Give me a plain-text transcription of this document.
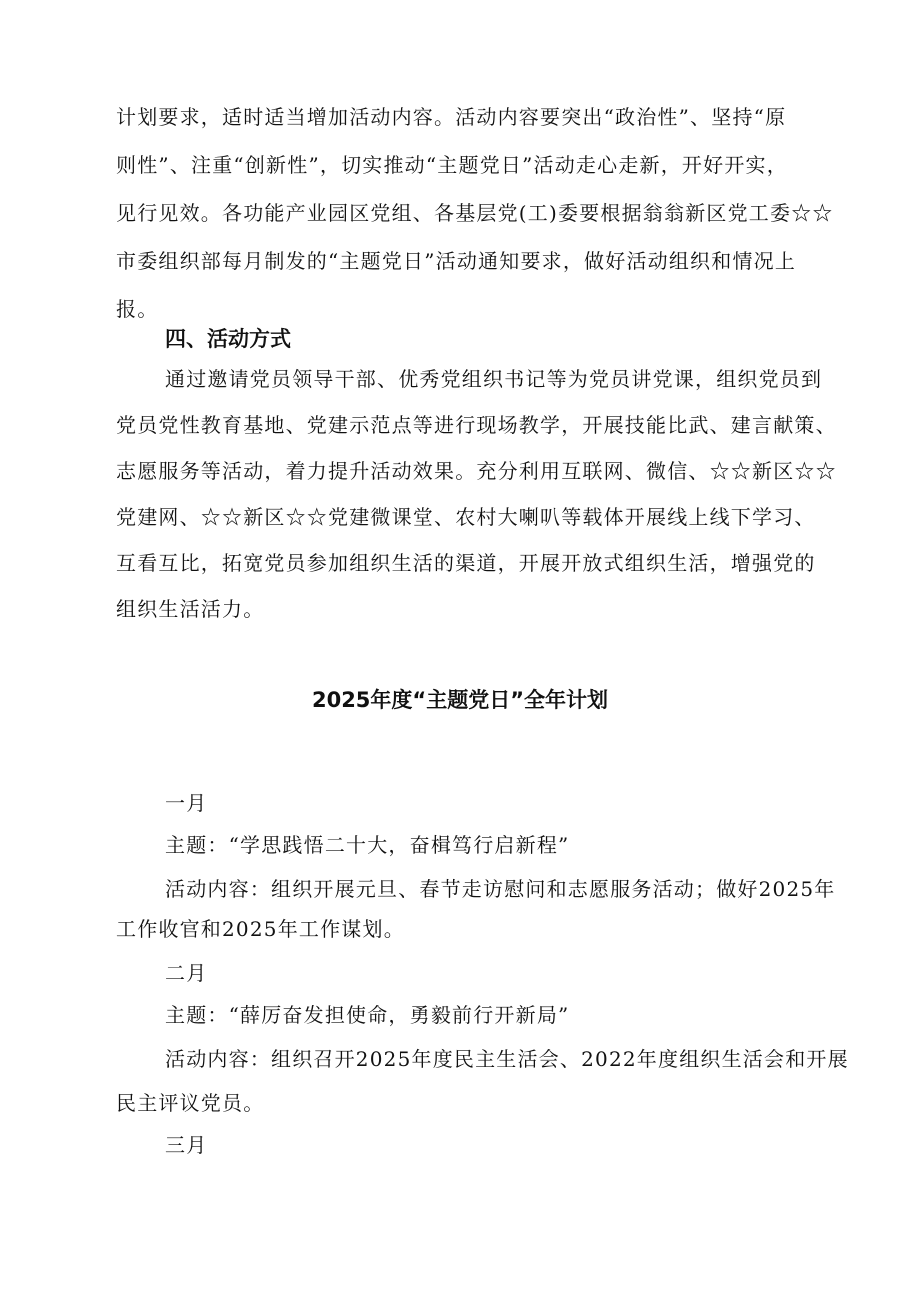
计划要求，适时适当增加活动内容。活动内容要突出“政治性”、坚持“原
则性”、注重“创新性”，切实推动“主题党日”活动走心走新，开好开实，
见行见效。各功能产业园区党组、各基层党(工)委要根据翁翁新区党工委☆☆
市委组织部每月制发的“主题党日”活动通知要求，做好活动组织和情况上
报。
四、活动方式
通过邀请党员领导干部、优秀党组织书记等为党员讲党课，组织党员到
党员党性教育基地、党建示范点等进行现场教学，开展技能比武、建言献策、
志愿服务等活动，着力提升活动效果。充分利用互联网、微信、☆☆新区☆☆
党建网、☆☆新区☆☆党建微课堂、农村大喇叭等载体开展线上线下学习、
互看互比，拓宽党员参加组织生活的渠道，开展开放式组织生活，增强党的
组织生活活力。
2025年度“主题党日”全年计划
一月
主题：“学思践悟二十大，奋楫笃行启新程”
活动内容：组织开展元旦、春节走访慰问和志愿服务活动；做好2025年
工作收官和2025年工作谋划。
二月
主题：“薛厉奋发担使命，勇毅前行开新局”
活动内容：组织召开2025年度民主生活会、2022年度组织生活会和开展
民主评议党员。
三月
